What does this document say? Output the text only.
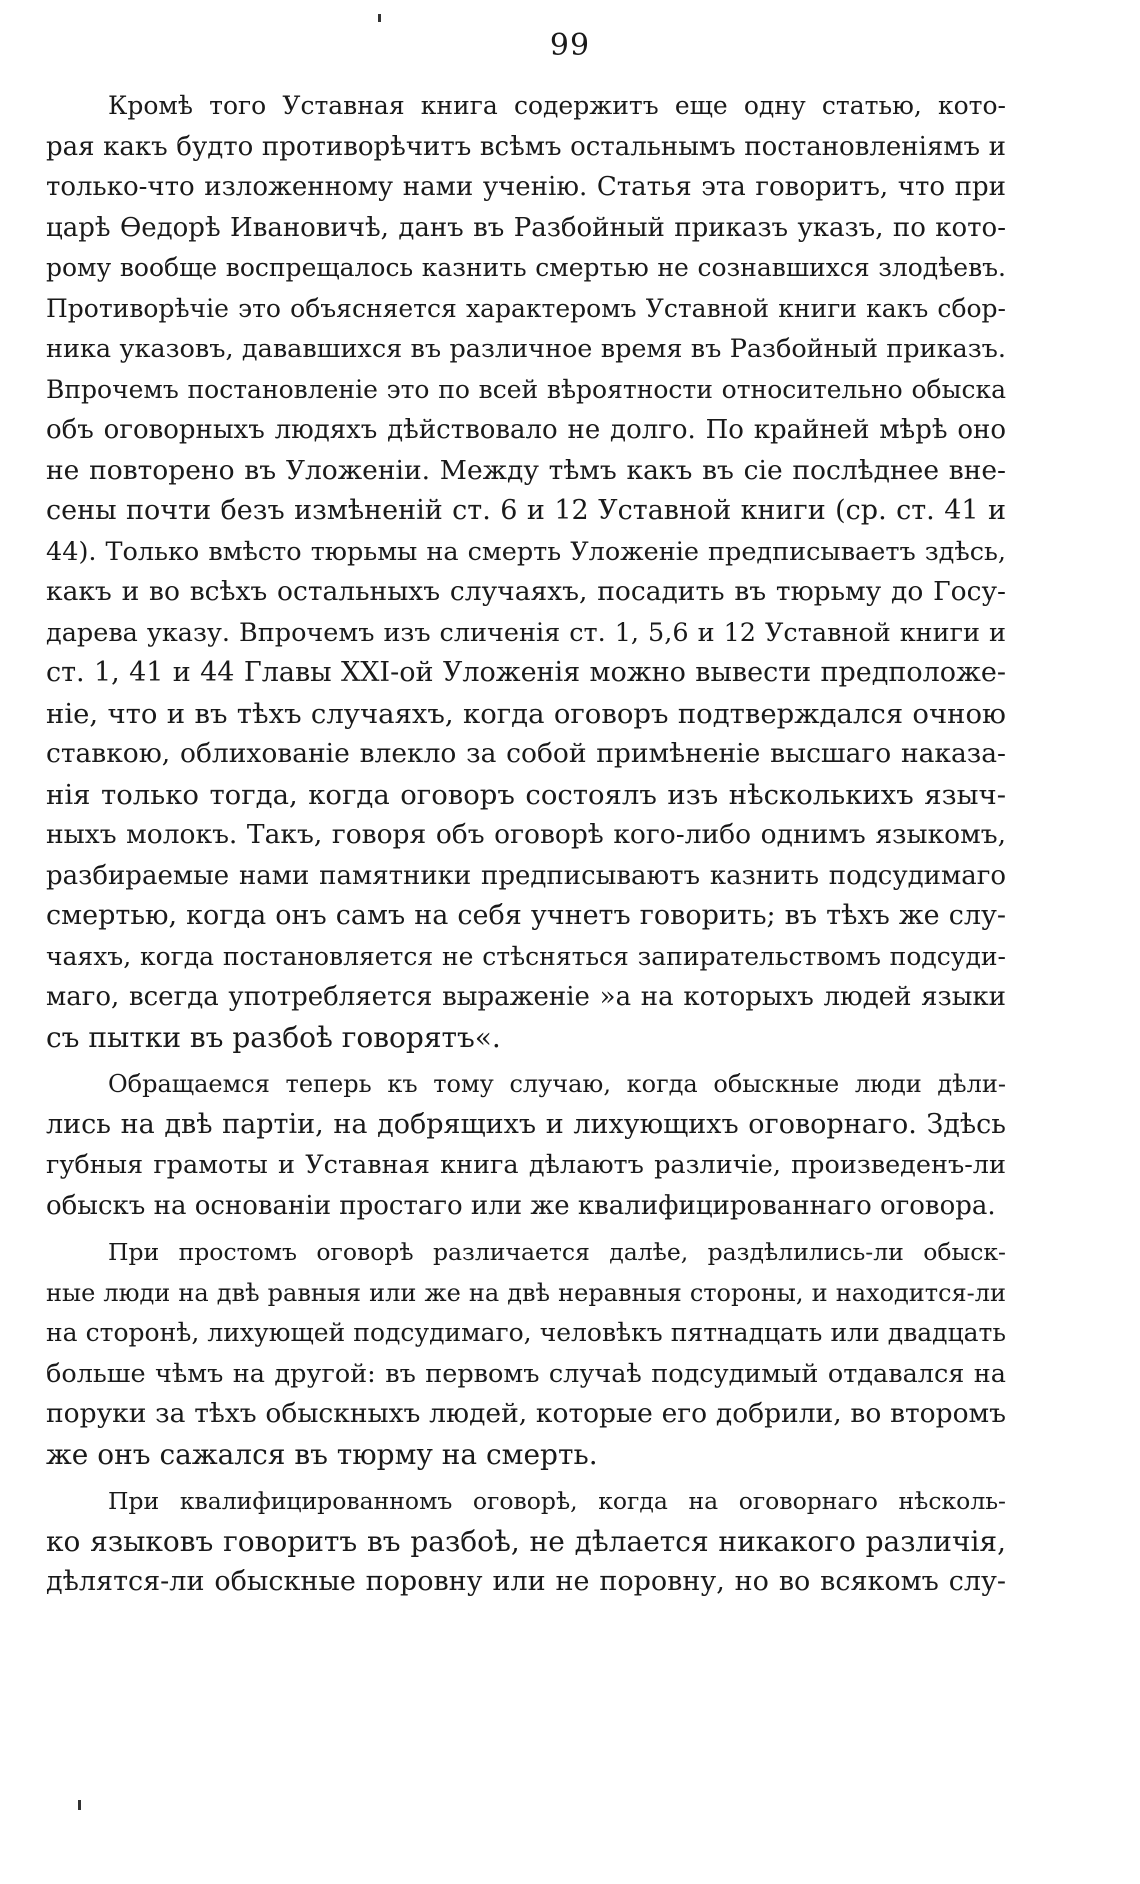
99
Кромѣ того Уставная книга содержитъ еще одну статью, кото-
рая какъ будто противорѣчитъ всѣмъ остальнымъ постановленіямъ и
только-что изложенному нами ученію. Статья эта говоритъ, что при
царѣ Ѳедорѣ Ивановичѣ, данъ въ Разбойный приказъ указъ, по кото-
рому вообще воспрещалось казнить смертью не сознавшихся злодѣевъ.
Противорѣчіе это объясняется характеромъ Уставной книги какъ сбор-
ника указовъ, дававшихся въ различное время въ Разбойный приказъ.
Впрочемъ постановленіе это по всей вѣроятности относительно обыска
объ оговорныхъ людяхъ дѣйствовало не долго. По крайней мѣрѣ оно
не повторено въ Уложеніи. Между тѣмъ какъ въ сіе послѣднее вне-
сены почти безъ измѣненій ст. 6 и 12 Уставной книги (ср. ст. 41 и
44). Только вмѣсто тюрьмы на смерть Уложеніе предписываетъ здѣсь,
какъ и во всѣхъ остальныхъ случаяхъ, посадить въ тюрьму до Госу-
дарева указу. Впрочемъ изъ сличенія ст. 1, 5,6 и 12 Уставной книги и
ст. 1, 41 и 44 Главы XXI-ой Уложенія можно вывести предположе-
ніе, что и въ тѣхъ случаяхъ, когда оговоръ подтверждался очною
ставкою, облихованіе влекло за собой примѣненіе высшаго наказа-
нія только тогда, когда оговоръ состоялъ изъ нѣсколькихъ языч-
ныхъ молокъ. Такъ, говоря объ оговорѣ кого-либо однимъ языкомъ,
разбираемые нами памятники предписываютъ казнить подсудимаго
смертью, когда онъ самъ на себя учнетъ говорить; въ тѣхъ же слу-
чаяхъ, когда постановляется не стѣсняться запирательствомъ подсуди-
маго, всегда употребляется выраженіе »а на которыхъ людей языки
съ пытки въ разбоѣ говорятъ«.
Обращаемся теперь къ тому случаю, когда обыскные люди дѣли-
лись на двѣ партіи, на добрящихъ и лихующихъ оговорнаго. Здѣсь
губныя грамоты и Уставная книга дѣлаютъ различіе, произведенъ-ли
обыскъ на основаніи простаго или же квалифицированнаго оговора.
При простомъ оговорѣ различается далѣе, раздѣлились-ли обыск-
ные люди на двѣ равныя или же на двѣ неравныя стороны, и находится-ли
на сторонѣ, лихующей подсудимаго, человѣкъ пятнадцать или двадцать
больше чѣмъ на другой: въ первомъ случаѣ подсудимый отдавался на
поруки за тѣхъ обыскныхъ людей, которые его добрили, во второмъ
же онъ сажался въ тюрму на смерть.
При квалифицированномъ оговорѣ, когда на оговорнаго нѣсколь-
ко языковъ говоритъ въ разбоѣ, не дѣлается никакого различія,
дѣлятся-ли обыскные поровну или не поровну, но во всякомъ слу-
